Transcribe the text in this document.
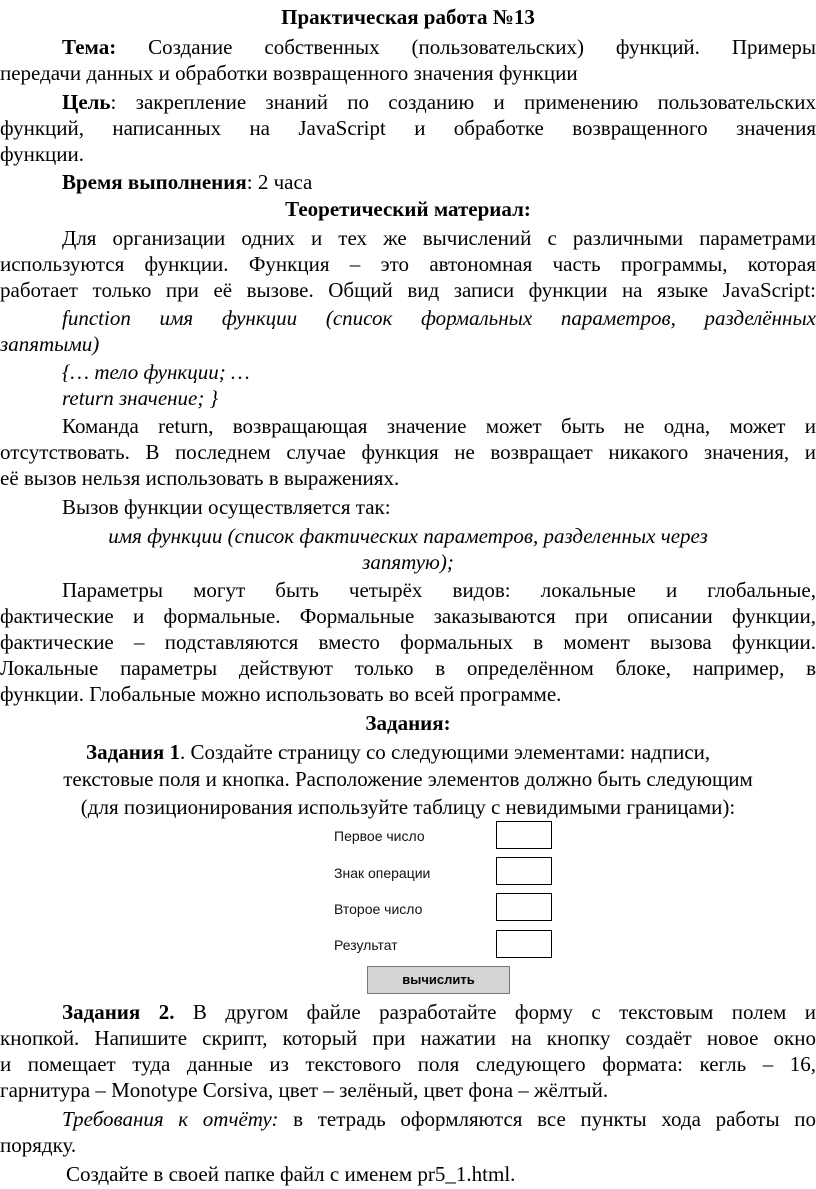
Практическая работа №13
Тема: Создание собственных (пользовательских) функций. Примеры
передачи данных и обработки возвращенного значения функции
Цель: закрепление знаний по созданию и применению пользовательских
функций, написанных на JavaScript и обработке возвращенного значения
функции.
Время выполнения: 2 часа
Теоретический материал:
Для организации одних и тех же вычислений с различными параметрами
используются функции. Функция – это автономная часть программы, которая
работает только при её вызове. Общий вид записи функции на языке JavaScript:
function имя функции (список формальных параметров, разделённых
запятыми)
{… тело функции; …
return значение; }
Команда return, возвращающая значение может быть не одна, может и
отсутствовать. В последнем случае функция не возвращает никакого значения, и
её вызов нельзя использовать в выражениях.
Вызов функции осуществляется так:
имя функции (список фактических параметров, разделенных через
запятую);
Параметры могут быть четырёх видов: локальные и глобальные,
фактические и формальные. Формальные заказываются при описании функции,
фактические – подставляются вместо формальных в момент вызова функции.
Локальные параметры действуют только в определённом блоке, например, в
функции. Глобальные можно использовать во всей программе.
Задания:
Задания 1. Создайте страницу со следующими элементами: надписи,
текстовые поля и кнопка. Расположение элементов должно быть следующим
(для позиционирования используйте таблицу с невидимыми границами):
Первое число
Знак операции
Второе число
Результат
вычислить
Задания 2. В другом файле разработайте форму с текстовым полем и
кнопкой. Напишите скрипт, который при нажатии на кнопку создаёт новое окно
и помещает туда данные из текстового поля следующего формата: кегль – 16,
гарнитура – Monotype Corsiva, цвет – зелёный, цвет фона – жёлтый.
Требования к отчёту: в тетрадь оформляются все пункты хода работы по
порядку.
Создайте в своей папке файл с именем pr5_1.html.
